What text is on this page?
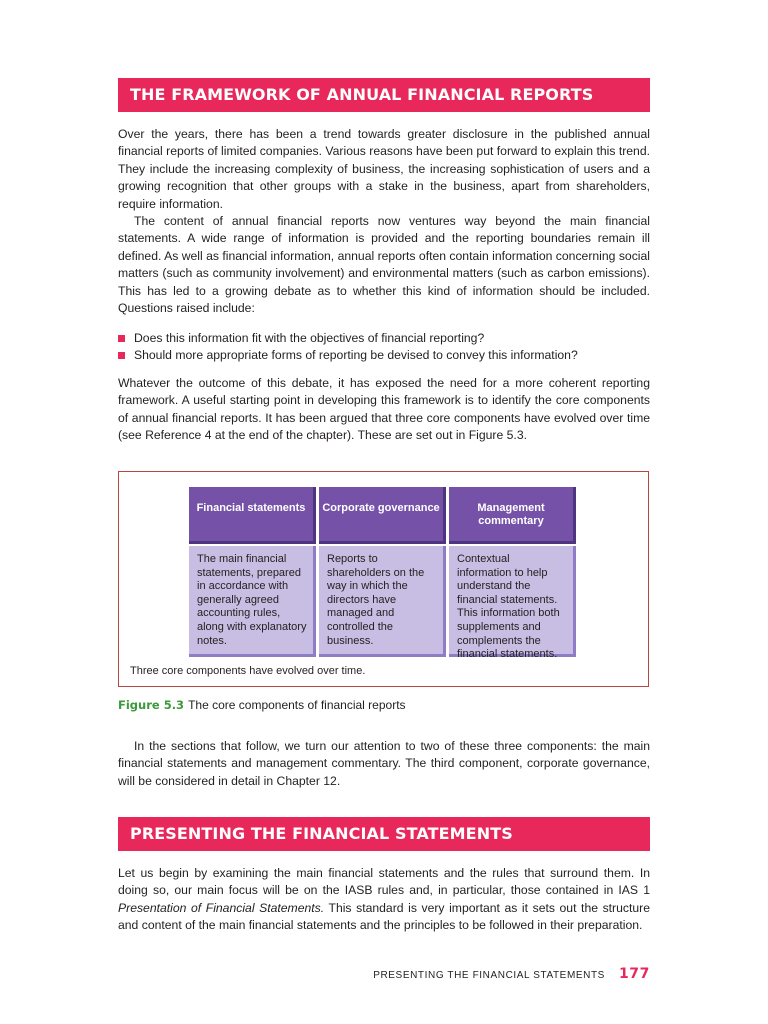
THE FRAMEWORK OF ANNUAL FINANCIAL REPORTS

Over the years, there has been a trend towards greater disclosure in the published annual financial reports of limited companies. Various reasons have been put forward to explain this trend. They include the increasing complexity of business, the increasing sophistication of users and a growing recognition that other groups with a stake in the business, apart from shareholders, require information.

The content of annual financial reports now ventures way beyond the main financial statements. A wide range of information is provided and the reporting boundaries remain ill defined. As well as financial information, annual reports often contain information concerning social matters (such as community involvement) and environmental matters (such as carbon emissions). This has led to a growing debate as to whether this kind of information should be included. Questions raised include:

Does this information fit with the objectives of financial reporting?
Should more appropriate forms of reporting be devised to convey this information?

Whatever the outcome of this debate, it has exposed the need for a more coherent reporting framework. A useful starting point in developing this framework is to identify the core components of annual financial reports. It has been argued that three core components have evolved over time (see Reference 4 at the end of the chapter). These are set out in Figure 5.3.

Financial statements	Corporate governance	Management commentary
The main financial statements, prepared in accordance with generally agreed accounting rules, along with explanatory notes.
Reports to shareholders on the way in which the directors have managed and controlled the business.
Contextual information to help understand the financial statements. This information both supplements and complements the financial statements.
Three core components have evolved over time.
Figure 5.3 The core components of financial reports

In the sections that follow, we turn our attention to two of these three components: the main financial statements and management commentary. The third component, corporate governance, will be considered in detail in Chapter 12.

PRESENTING THE FINANCIAL STATEMENTS

Let us begin by examining the main financial statements and the rules that surround them. In doing so, our main focus will be on the IASB rules and, in particular, those contained in IAS 1 Presentation of Financial Statements. This standard is very important as it sets out the structure and content of the main financial statements and the principles to be followed in their preparation.

PRESENTING THE FINANCIAL STATEMENTS 177
